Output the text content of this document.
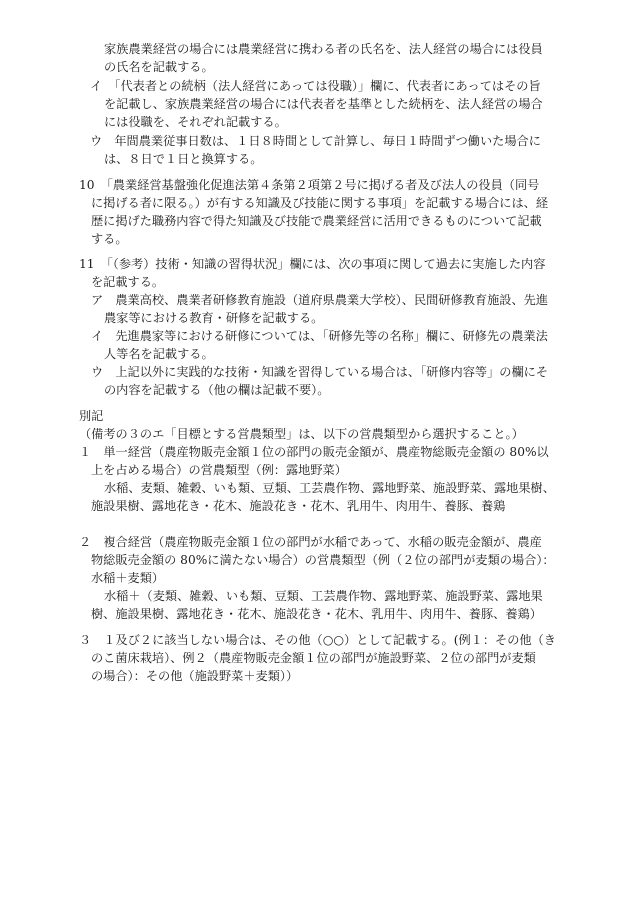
家族農業経営の場合には農業経営に携わる者の氏名を、法人経営の場合には役員
の氏名を記載する。
イ　「代表者との続柄（法人経営にあっては役職）」欄に、代表者にあってはその旨
を記載し、家族農業経営の場合には代表者を基準とした続柄を、法人経営の場合
には役職を、それぞれ記載する。
ウ　年間農業従事日数は、１日８時間として計算し、毎日１時間ずつ働いた場合に
は、８日で１日と換算する。
10　「農業経営基盤強化促進法第４条第２項第２号に掲げる者及び法人の役員（同号
に掲げる者に限る。）が有する知識及び技能に関する事項」を記載する場合には、経
歴に掲げた職務内容で得た知識及び技能で農業経営に活用できるものについて記載
する。
11　「（参考）技術・知識の習得状況」欄には、次の事項に関して過去に実施した内容
を記載する。
ア　農業高校、農業者研修教育施設（道府県農業大学校）、民間研修教育施設、先進
農家等における教育・研修を記載する。
イ　先進農家等における研修については、「研修先等の名称」欄に、研修先の農業法
人等名を記載する。
ウ　上記以外に実践的な技術・知識を習得している場合は、「研修内容等」の欄にそ
の内容を記載する（他の欄は記載不要）。
別記
（備考の３のエ「目標とする営農類型」は、以下の営農類型から選択すること。）
１　単一経営（農産物販売金額１位の部門の販売金額が、農産物総販売金額の 80%以
上を占める場合）の営農類型（例：露地野菜）
水稲、麦類、雑穀、いも類、豆類、工芸農作物、露地野菜、施設野菜、露地果樹、
施設果樹、露地花き・花木、施設花き・花木、乳用牛、肉用牛、養豚、養鶏
２　複合経営（農産物販売金額１位の部門が水稲であって、水稲の販売金額が、農産
物総販売金額の 80%に満たない場合）の営農類型（例（２位の部門が麦類の場合）：
水稲＋麦類）
水稲＋（麦類、雑穀、いも類、豆類、工芸農作物、露地野菜、施設野菜、露地果
樹、施設果樹、露地花き・花木、施設花き・花木、乳用牛、肉用牛、養豚、養鶏）
３　１及び２に該当しない場合は、その他（○○）として記載する。(例１：その他（き
のこ菌床栽培）、例２（農産物販売金額１位の部門が施設野菜、２位の部門が麦類
の場合）：その他（施設野菜＋麦類））
